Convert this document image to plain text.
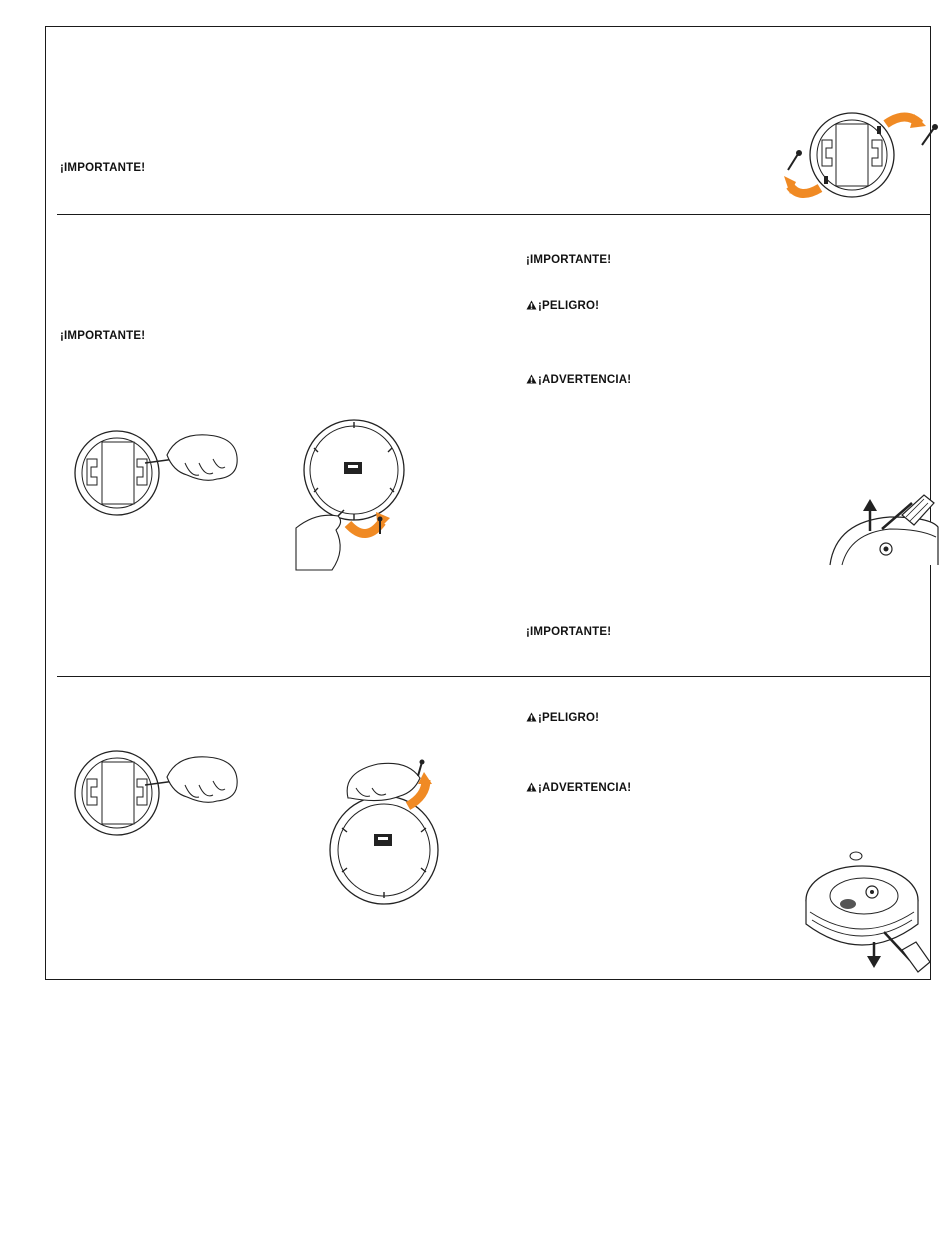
¡IMPORTANTE!
¡IMPORTANTE!
¡IMPORTANTE!
¡PELIGRO!
¡ADVERTENCIA!
¡IMPORTANTE!
¡PELIGRO!
¡ADVERTENCIA!
